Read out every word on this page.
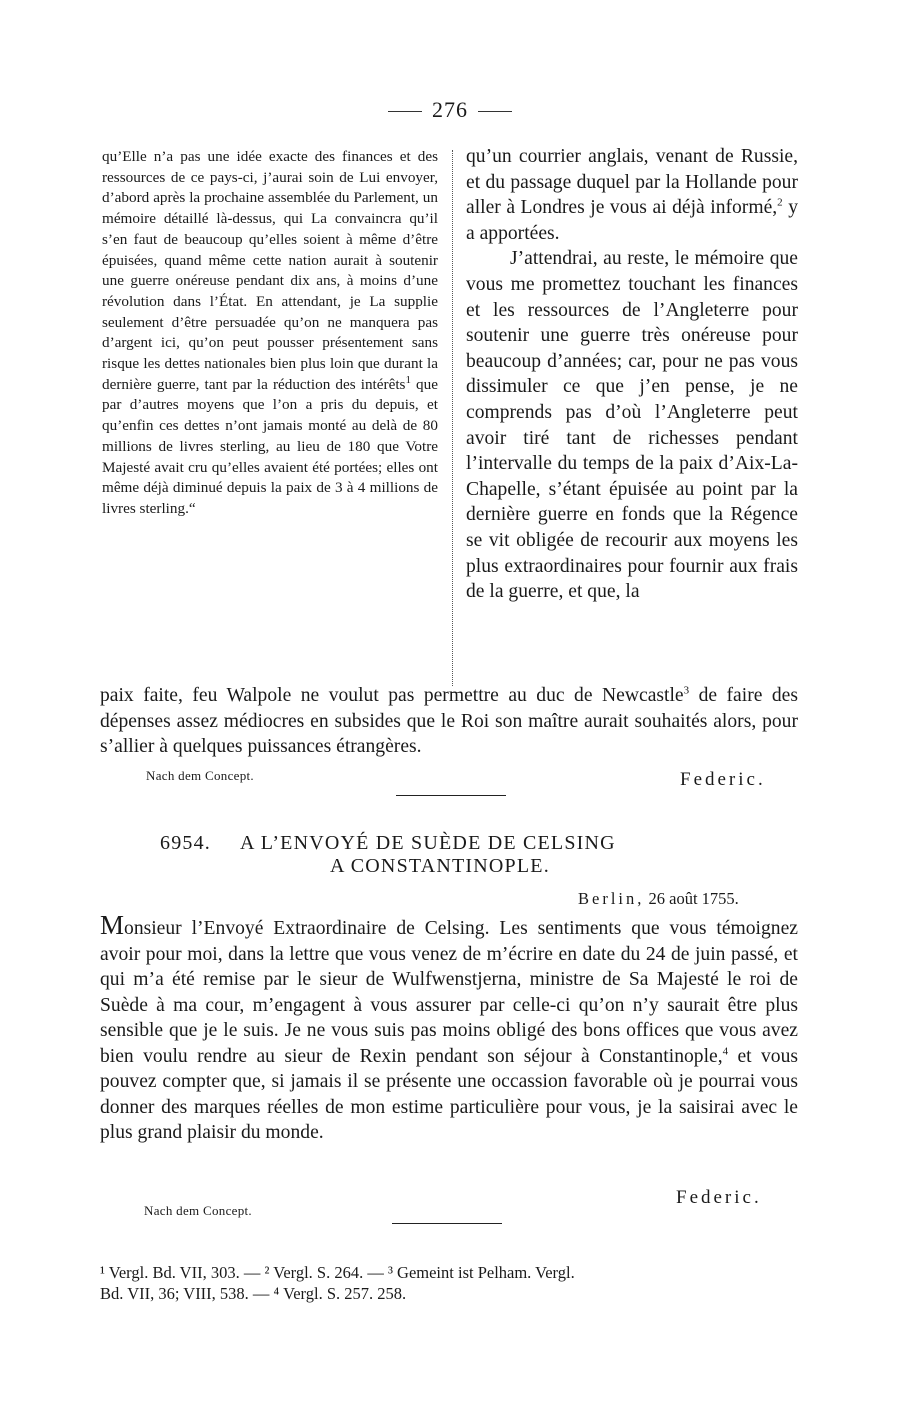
276

qu’Elle n’a pas une idée exacte des finances et des ressources de ce pays-ci, j’aurai soin de Lui envoyer, d’abord après la prochaine assemblée du Parlement, un mémoire détaillé là-dessus, qui La convaincra qu’il s’en faut de beaucoup qu’elles soient à même d’être épuisées, quand même cette nation aurait à soutenir une guerre onéreuse pendant dix ans, à moins d’une révolution dans l’État. En attendant, je La supplie seulement d’être persuadée qu’on ne manquera pas d’argent ici, qu’on peut pousser présentement sans risque les dettes nationales bien plus loin que durant la dernière guerre, tant par la réduction des intérêts$^1$ que par d’autres moyens que l’on a pris du depuis, et qu’enfin ces dettes n’ont jamais monté au delà de 80 millions de livres sterling, au lieu de 180 que Votre Majesté avait cru qu’elles avaient été portées; elles ont même déjà diminué depuis la paix de 3 à 4 millions de livres sterling.“

qu’un courrier anglais, venant de Russie, et du passage duquel par la Hollande pour aller à Londres je vous ai déjà informé,$^2$ y a apportées.

J’attendrai, au reste, le mémoire que vous me promettez touchant les finances et les ressources de l’Angleterre pour soutenir une guerre très onéreuse pour beaucoup d’années; car, pour ne pas vous dissimuler ce que j’en pense, je ne comprends pas d’où l’Angleterre peut avoir tiré tant de richesses pendant l’intervalle du temps de la paix d’Aix-La-Chapelle, s’étant épuisée au point par la dernière guerre en fonds que la Régence se vit obligée de recourir aux moyens les plus extraordinaires pour fournir aux frais de la guerre, et que, la

paix faite, feu Walpole ne voulut pas permettre au duc de Newcastle$^3$ de faire des dépenses assez médiocres en subsides que le Roi son maître aurait souhaités alors, pour s’allier à quelques puissances étrangères.

Nach dem Concept.	Federic.
6954. A L’ENVOYÉ DE SUÈDE DE CELSING
A CONSTANTINOPLE.
Berlin, 26 août 1755.

Monsieur l’Envoyé Extraordinaire de Celsing. Les sentiments que vous témoignez avoir pour moi, dans la lettre que vous venez de m’écrire en date du 24 de juin passé, et qui m’a été remise par le sieur de Wulfwenstjerna, ministre de Sa Majesté le roi de Suède à ma cour, m’engagent à vous assurer par celle-ci qu’on n’y saurait être plus sensible que je le suis. Je ne vous suis pas moins obligé des bons offices que vous avez bien voulu rendre au sieur de Rexin pendant son séjour à Constantinople,$^4$ et vous pouvez compter que, si jamais il se présente une occassion favorable où je pourrai vous donner des marques réelles de mon estime particulière pour vous, je la saisirai avec le plus grand plaisir du monde.

Federic.
Nach dem Concept.

¹ Vergl. Bd. VII, 303. — ² Vergl. S. 264. — ³ Gemeint ist Pelham. Vergl.

Bd. VII, 36; VIII, 538. — ⁴ Vergl. S. 257. 258.
